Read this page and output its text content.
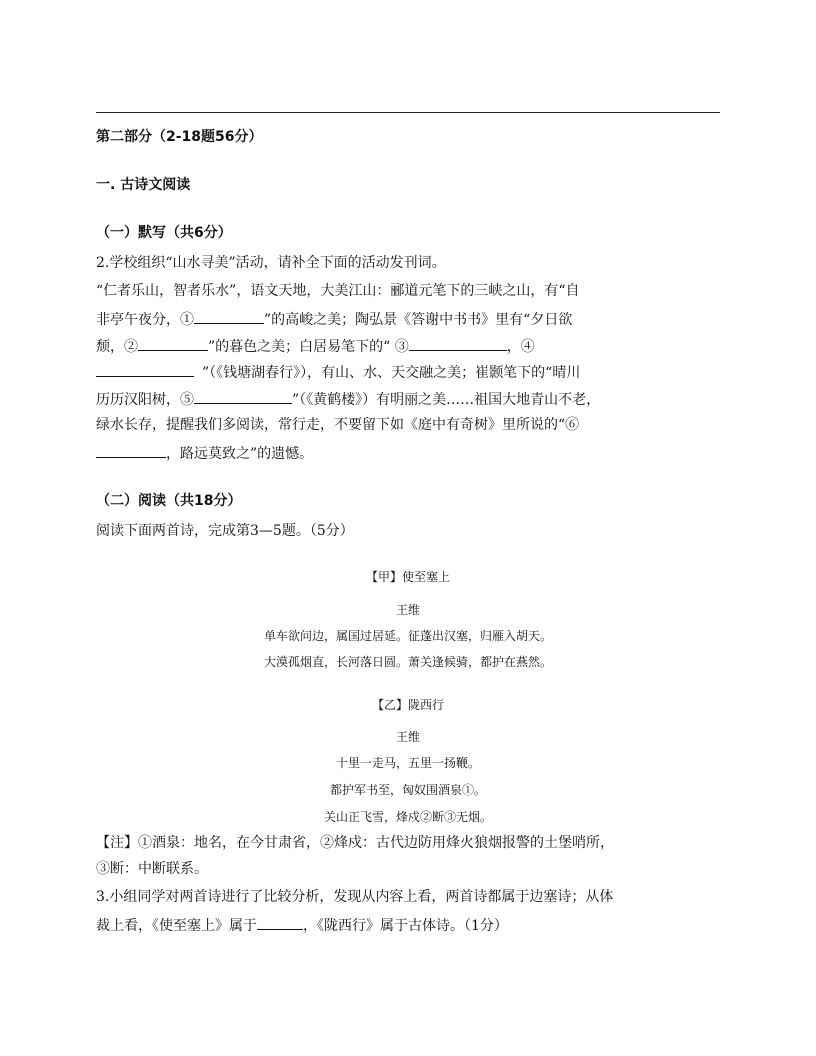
第二部分（2-18题56分）
一. 古诗文阅读
（一）默写（共6分）
2.学校组织“山水寻美”活动，请补全下面的活动发刊词。
“仁者乐山，智者乐水”，语文天地，大美江山：郦道元笔下的三峡之山，有“自
非亭午夜分，①	”的高峻之美；陶弘景《答谢中书书》里有“夕日欲
颓，②	”的暮色之美；白居易笔下的“ ③	，④
”（《钱塘湖春行》），有山、水、天交融之美；崔颢笔下的“晴川
历历汉阳树，⑤	”（《黄鹤楼》）有明丽之美……祖国大地青山不老，
绿水长存，提醒我们多阅读，常行走，不要留下如《庭中有奇树》里所说的“⑥
，路远莫致之”的遗憾。
（二）阅读（共18分）
阅读下面两首诗，完成第3—5题。（5分）
【甲】使至塞上
王维
单车欲问边，属国过居延。征蓬出汉塞，归雁入胡天。
大漠孤烟直，长河落日圆。萧关逢候骑，都护在燕然。
【乙】陇西行
王维
十里一走马，五里一扬鞭。
都护军书至，匈奴围酒泉①。
关山正飞雪，烽戍②断③无烟。
【注】①酒泉：地名，在今甘肃省，②烽戍：古代边防用烽火狼烟报警的土堡哨所，
③断：中断联系。
3.小组同学对两首诗进行了比较分析，发现从内容上看，两首诗都属于边塞诗；从体
裁上看，《使至塞上》属于	，《陇西行》属于古体诗。（1分）
